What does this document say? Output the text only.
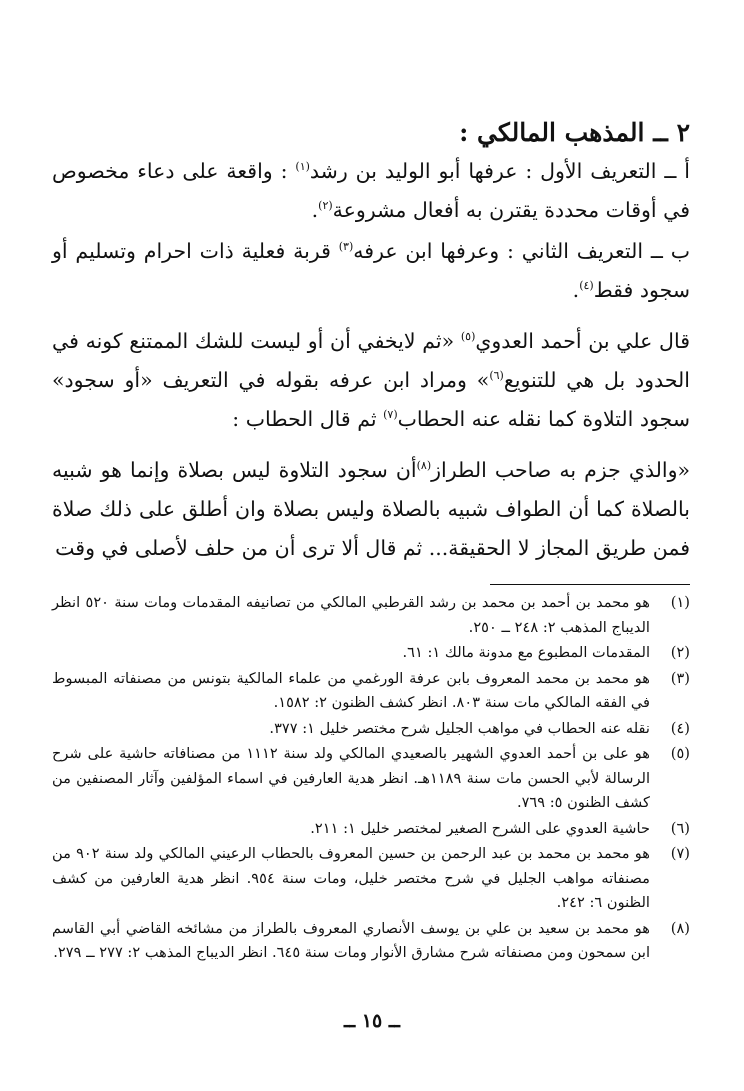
٢ ــ المذهب المالكي :

أ ــ التعريف الأول : عرفها أبو الوليد بن رشد$^{(١)}$ : واقعة على دعاء مخصوص في أوقات محددة يقترن به أفعال مشروعة$^{(٢)}$.

ب ــ التعريف الثاني : وعرفها ابن عرفه$^{(٣)}$ قربة فعلية ذات احرام وتسليم أو سجود فقط$^{(٤)}$.

قال علي بن أحمد العدوي$^{(٥)}$ «ثم لايخفي أن أو ليست للشك الممتنع كونه في الحدود بل هي للتنويع$^{(٦)}$» ومراد ابن عرفه بقوله في التعريف «أو سجود» سجود التلاوة كما نقله عنه الحطاب$^{(٧)}$ ثم قال الحطاب :

«والذي جزم به صاحب الطراز$^{(٨)}$أن سجود التلاوة ليس بصلاة وإنما هو شبيه بالصلاة كما أن الطواف شبيه بالصلاة وليس بصلاة وان أطلق على ذلك صلاة فمن طريق المجاز لا الحقيقة... ثم قال ألا ترى أن من حلف لأصلى في وقت

(١)
هو محمد بن أحمد بن محمد بن رشد القرطبي المالكي من تصانيفه المقدمات ومات سنة ٥٢٠ انظر الديباج المذهب ٢: ٢٤٨ ــ ٢٥٠.
(٢)
المقدمات المطبوع مع مدونة مالك ١: ٦١.
(٣)
هو محمد بن محمد المعروف بابن عرفة الورغمي من علماء المالكية بتونس من مصنفاته المبسوط في الفقه المالكي مات سنة ٨٠٣. انظر كشف الظنون ٢: ١٥٨٢.
(٤)
نقله عنه الحطاب في مواهب الجليل شرح مختصر خليل ١: ٣٧٧.
(٥)
هو على بن أحمد العدوي الشهير بالصعيدي المالكي ولد سنة ١١١٢ من مصنافاته حاشية على شرح الرسالة لأبي الحسن مات سنة ١١٨٩هـ. انظر هدية العارفين في اسماء المؤلفين وآثار المصنفين من كشف الظنون ٥: ٧٦٩.
(٦)
حاشية العدوي على الشرح الصغير لمختصر خليل ١: ٢١١.
(٧)
هو محمد بن محمد بن عبد الرحمن بن حسين المعروف بالحطاب الرعيني المالكي ولد سنة ٩٠٢ من مصنفاته مواهب الجليل في شرح مختصر خليل، ومات سنة ٩٥٤. انظر هدية العارفين من كشف الظنون ٦: ٢٤٢.
(٨)
هو محمد بن سعيد بن علي بن يوسف الأنصاري المعروف بالطراز من مشائخه القاضي أبي القاسم ابن سمحون ومن مصنفاته شرح مشارق الأنوار ومات سنة ٦٤٥. انظر الديباج المذهب ٢: ٢٧٧ ــ ٢٧٩.
ــ ١٥ ــ
